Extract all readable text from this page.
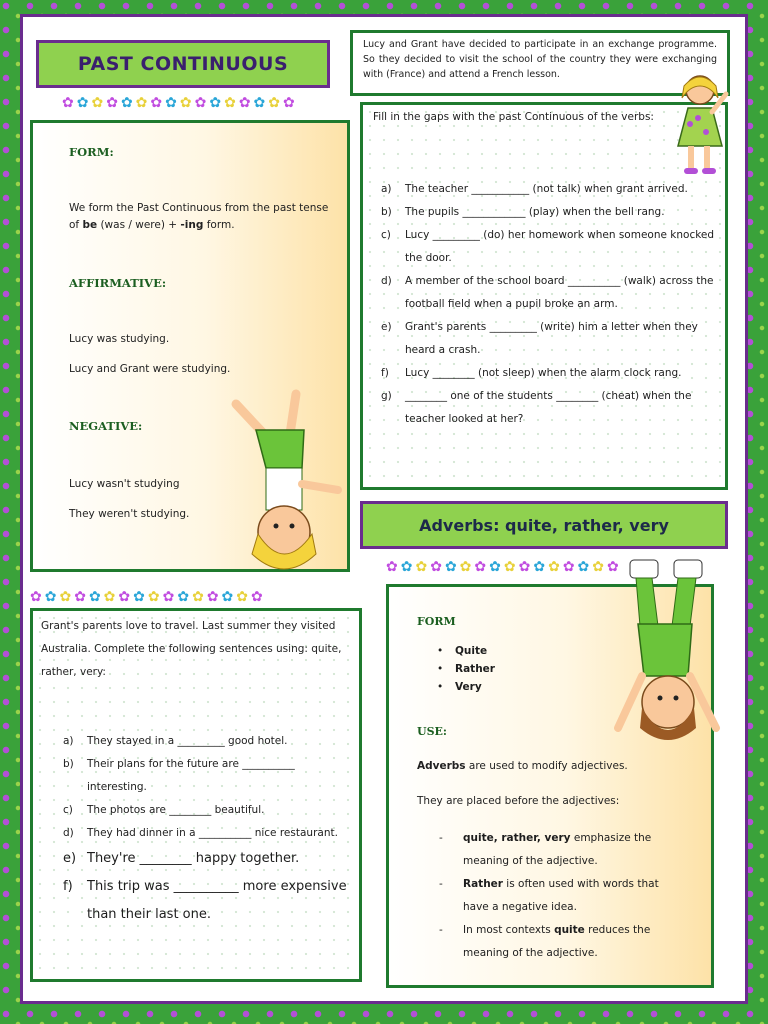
PAST CONTINUOUS
✿ ✿ ✿ ✿ ✿ ✿ ✿ ✿ ✿ ✿ ✿ ✿ ✿ ✿ ✿ ✿
✿ ✿ ✿ ✿ ✿ ✿ ✿ ✿ ✿ ✿ ✿ ✿ ✿ ✿ ✿ ✿
✿ ✿ ✿ ✿ ✿ ✿ ✿ ✿ ✿ ✿ ✿ ✿ ✿ ✿ ✿ ✿
Lucy and Grant have decided to participate in an exchange programme. So they decided to visit the school of the country they were exchanging with (France) and attend a French lesson.
FORM:
We form the Past Continuous from the past tense of be (was / were) + -ing form.
AFFIRMATIVE:
Lucy was studying.
Lucy and Grant were studying.
NEGATIVE:
Lucy wasn't studying
They weren't studying.
Fill in the gaps with the past Continuous of the verbs:
a)	The teacher ___________ (not talk) when grant arrived.
b)	The pupils ____________ (play) when the bell rang.
c)	Lucy _________ (do) her homework when someone knocked the door.
d)	A member of the school board __________ (walk) across the football field when a pupil broke an arm.
e)	Grant's parents _________ (write) him a letter when they heard a crash.
f)	Lucy ________ (not sleep) when the alarm clock rang.
g)	________ one of the students ________ (cheat) when the teacher looked at her?
Adverbs: quite, rather, very
FORM
•	Quite
•	Rather
•	Very
USE:
Adverbs are used to modify adjectives.
They are placed before the adjectives:
-	quite, rather, very emphasize the meaning of the adjective.
-	Rather is often used with words that have a negative idea.
-	In most contexts quite reduces the meaning of the adjective.
Grant's parents love to travel. Last summer they visited Australia. Complete the following sentences using: quite, rather, very:
a)	They stayed in a _________ good hotel.
b)	Their plans for the future are __________ interesting.
c)	The photos are ________ beautiful.
d)	They had dinner in a __________ nice restaurant.
e) They're ________ happy together.
f)	This trip was __________ more expensive than their last one.
